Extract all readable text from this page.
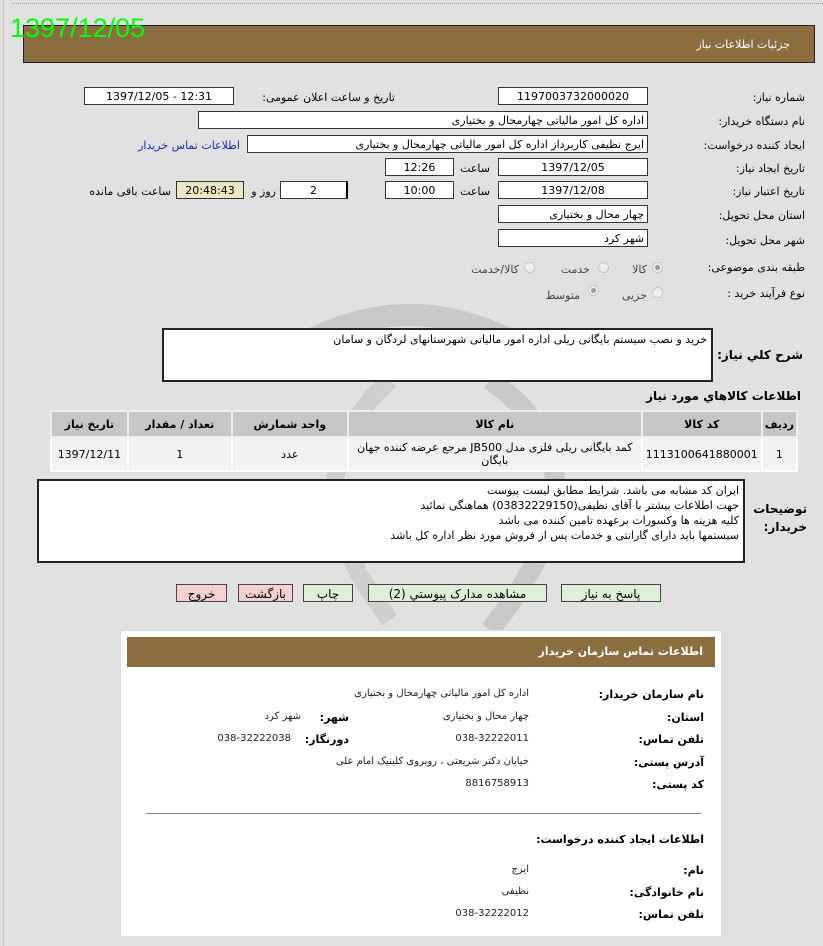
جزئیات اطلاعات نیاز
1397/12/05
شماره نیاز:
1197003732000020
تاریخ و ساعت اعلان عمومی:
1397/12/05 - 12:31
نام دستگاه خریدار:
اداره کل امور مالیاتی چهارمحال و بختیاری
ایجاد کننده درخواست:
ایرج نظیفی کاربرداز اداره کل امور مالیاتی چهارمحال و بختیاری
اطلاعات تماس خریدار
تاریخ ایجاد نیاز:
1397/12/05
ساعت
12:26
تاریخ اعتبار نیاز:
1397/12/08
ساعت
10:00
2
روز و
20:48:43
ساعت باقی مانده
استان محل تحویل:
چهار محال و بختیاری
شهر محل تحویل:
شهر کرد
طبقه بندی موضوعی:
کالا
خدمت
کالا/خدمت
نوع فرآیند خرید :
جزیی
متوسط
شرح کلي نياز:
خرید و نصب سیستم بایگانی ریلی اداره امور مالیاتی شهرستانهای لردگان و سامان
اطلاعات کالاهاي مورد نياز
رديف	کد کالا	نام کالا	واحد شمارش	تعداد / مقدار	تاريخ نياز
1	1113100641880001	کمد بایگانی ریلی فلزی مدل JB500 مرجع عرضه کننده جهان بایگان	عدد	1	1397/12/11
توضيحات خريدار:
ایران کد مشابه می باشد. شرایط مطابق لیست پیوست
جهت اطلاعات بیشتر با آقای نظیفی(03832229150) هماهنگی نمائید
کلیه هزینه ها وکسورات برعهده تامین کننده می باشد
سیستمها باید دارای گارانتی و خدمات پس از فروش مورد نظر اداره کل باشد
پاسخ به نياز
مشاهده مدارک پيوستي (2)
چاپ
بازگشت
خروج
اطلاعات تماس سازمان خریدار
نام سازمان خریدار:
اداره کل امور مالیاتی چهارمحال و بختیاری
استان:
چهار محال و بختیاری
شهر:
شهر کرد
تلفن تماس:
038-32222011
دورنگار:
038-32222038
آدرس پستی:
خیابان دکتر شریعتی ، روبروی کلینیک امام علی
کد پستی:
8816758913
اطلاعات ایجاد کننده درخواست:
نام:
ایرج
نام خانوادگی:
نظیفی
تلفن تماس:
038-32222012
